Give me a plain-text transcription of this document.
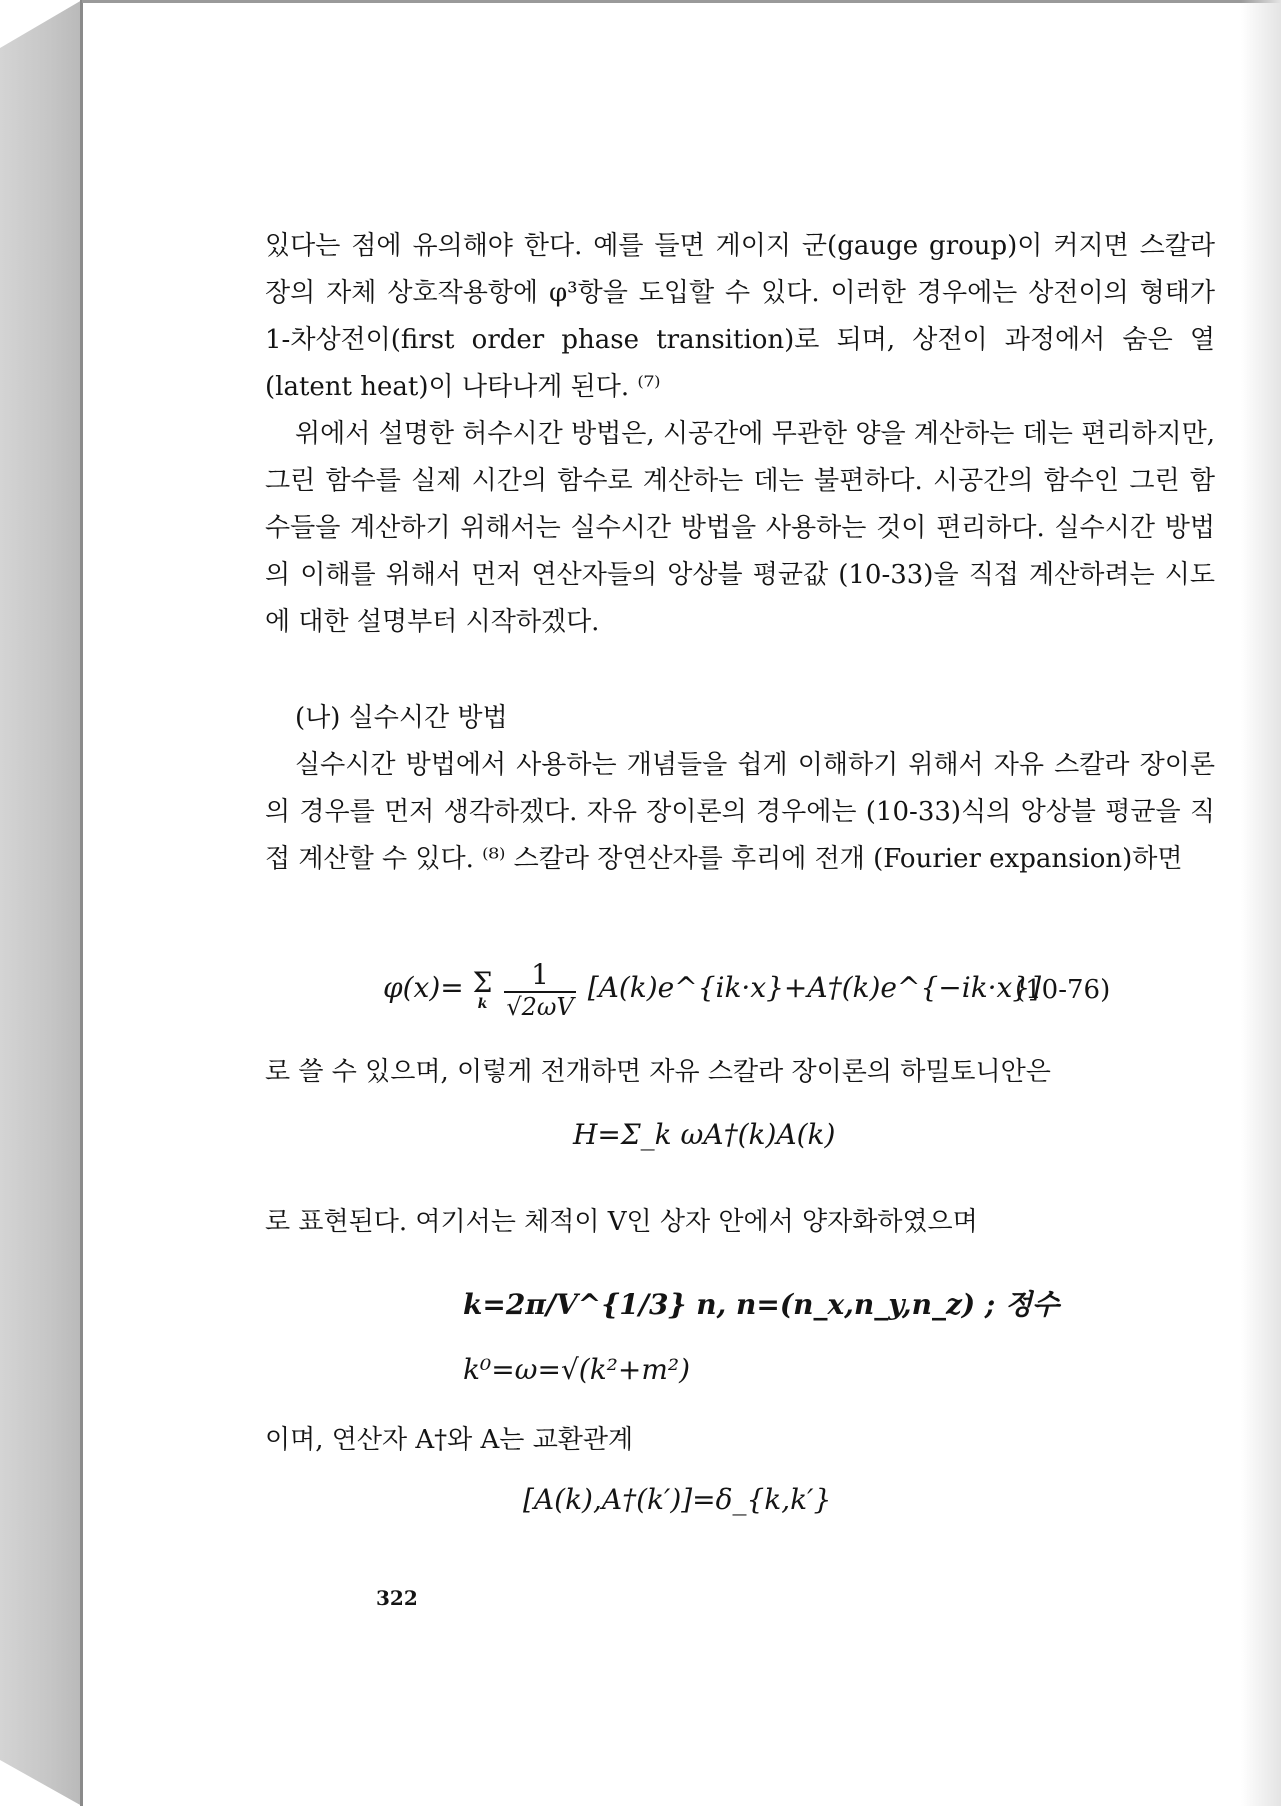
있다는 점에 유의해야 한다. 예를 들면 게이지 군(gauge group)이 커지면 스칼라 장의 자체 상호작용항에 φ³항을 도입할 수 있다. 이러한 경우에는 상전이의 형태가 1-차상전이(first order phase transition)로 되며, 상전이 과정에서 숨은 열(latent heat)이 나타나게 된다. ⁽⁷⁾

위에서 설명한 허수시간 방법은, 시공간에 무관한 양을 계산하는 데는 편리하지만, 그린 함수를 실제 시간의 함수로 계산하는 데는 불편하다. 시공간의 함수인 그린 함수들을 계산하기 위해서는 실수시간 방법을 사용하는 것이 편리하다. 실수시간 방법의 이해를 위해서 먼저 연산자들의 앙상블 평균값 (10-33)을 직접 계산하려는 시도에 대한 설명부터 시작하겠다.

(나) 실수시간 방법

실수시간 방법에서 사용하는 개념들을 쉽게 이해하기 위해서 자유 스칼라 장이론의 경우를 먼저 생각하겠다. 자유 장이론의 경우에는 (10-33)식의 앙상블 평균을 직접 계산할 수 있다. ⁽⁸⁾ 스칼라 장연산자를 후리에 전개 (Fourier expansion)하면

φ(x)= Σ
k
$\frac{1}{√2\omega V}$ [A(k)e^{ik·x}+A†(k)e^{−ik·x}]
(10-76)

로 쓸 수 있으며, 이렇게 전개하면 자유 스칼라 장이론의 하밀토니안은

H=Σ_k ωA†(k)A(k)

로 표현된다. 여기서는 체적이 V인 상자 안에서 양자화하였으며

k=2π/V^{1/3} n, n=(n_x,n_y,n_z) ; 정수
k⁰=ω=√(k²+m²)

이며, 연산자 A†와 A는 교환관계

[A(k),A†(k′)]=δ_{k,k′}
322
